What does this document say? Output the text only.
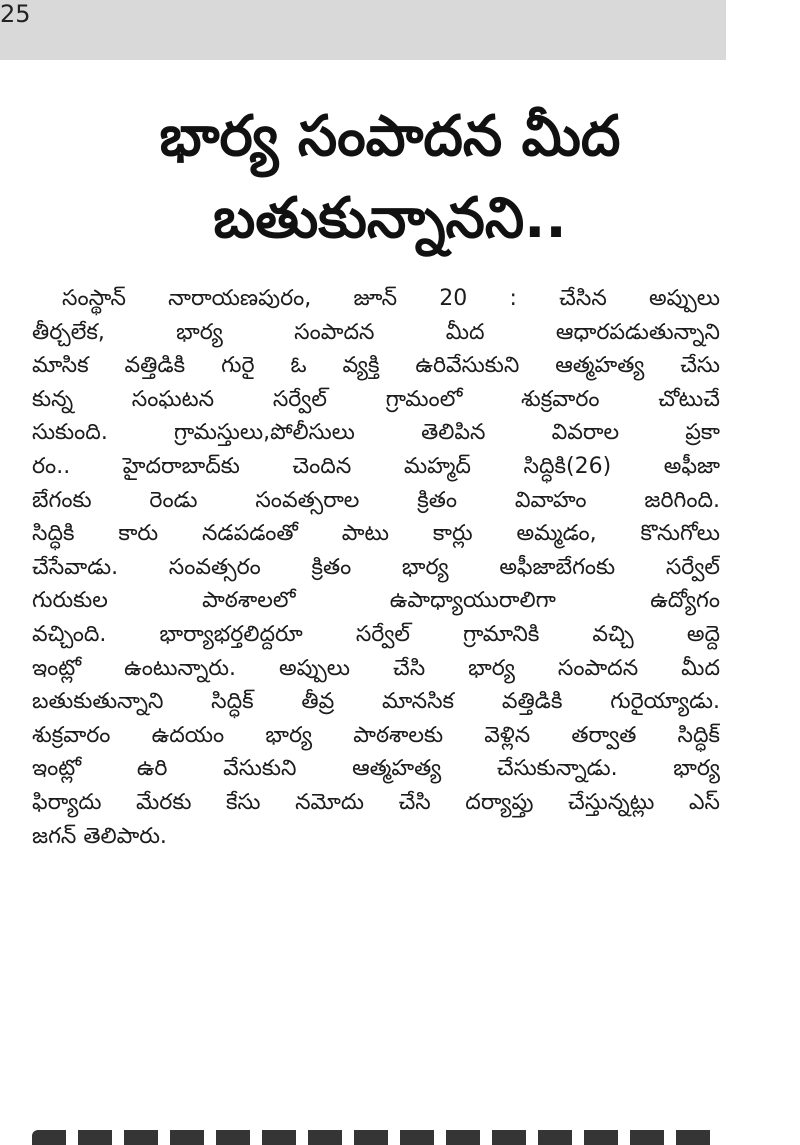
25
భార్య సంపాదన మీద
బతుకున్నానని..
సంస్థాన్ నారాయణపురం, జూన్ 20 : చేసిన అప్పులు
తీర్చలేక, భార్య సంపాదన మీద ఆధారపడుతున్నాని
మాసిక వత్తిడికి గురై ఓ వ్యక్తి ఉరివేసుకుని ఆత్మహత్య చేసు
కున్న సంఘటన సర్వేల్ గ్రామంలో శుక్రవారం చోటుచే
సుకుంది. గ్రామస్తులు,పోలీసులు తెలిపిన వివరాల ప్రకా
రం.. హైదరాబాద్‌కు చెందిన మహ్మద్ సిద్ధికి(26) అఫీజా
బేగంకు రెండు సంవత్సరాల క్రితం వివాహం జరిగింది.
సిద్ధికి కారు నడపడంతో పాటు కార్లు అమ్మడం, కొనుగోలు
చేసేవాడు. సంవత్సరం క్రితం భార్య అఫీజాబేగంకు సర్వేల్
గురుకుల పాఠశాలలో ఉపాధ్యాయురాలిగా ఉద్యోగం
వచ్చింది. భార్యాభర్తలిద్దరూ సర్వేల్ గ్రామానికి వచ్చి అద్దె
ఇంట్లో ఉంటున్నారు. అప్పులు చేసి భార్య సంపాదన మీద
బతుకుతున్నాని సిద్ధిక్ తీవ్ర మానసిక వత్తిడికి గురైయ్యాడు.
శుక్రవారం ఉదయం భార్య పాఠశాలకు వెళ్లిన తర్వాత సిద్ధిక్
ఇంట్లో ఉరి వేసుకుని ఆత్మహత్య చేసుకున్నాడు. భార్య
ఫిర్యాదు మేరకు కేసు నమోదు చేసి దర్యాప్తు చేస్తున్నట్లు ఎస్
జగన్ తెలిపారు.
